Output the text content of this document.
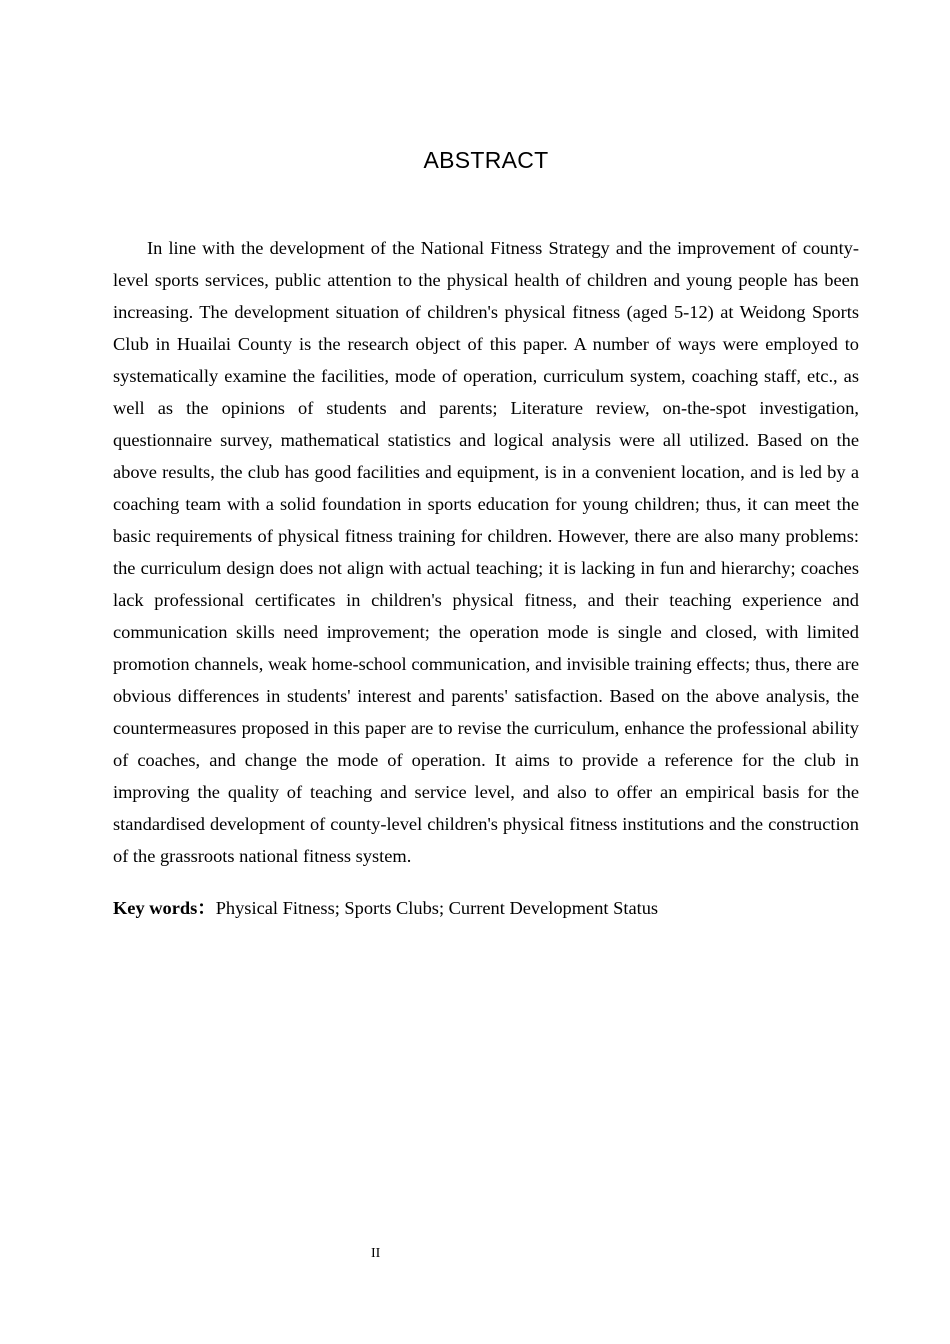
ABSTRACT

In line with the development of the National Fitness Strategy and the improvement of county-level sports services, public attention to the physical health of children and young people has been increasing. The development situation of children's physical fitness (aged 5-12) at Weidong Sports Club in Huailai County is the research object of this paper. A number of ways were employed to systematically examine the facilities, mode of operation, curriculum system, coaching staff, etc., as well as the opinions of students and parents; Literature review, on-the-spot investigation, questionnaire survey, mathematical statistics and logical analysis were all utilized. Based on the above results, the club has good facilities and equipment, is in a convenient location, and is led by a coaching team with a solid foundation in sports education for young children; thus, it can meet the basic requirements of physical fitness training for children. However, there are also many problems: the curriculum design does not align with actual teaching; it is lacking in fun and hierarchy; coaches lack professional certificates in children's physical fitness, and their teaching experience and communication skills need improvement; the operation mode is single and closed, with limited promotion channels, weak home-school communication, and invisible training effects; thus, there are obvious differences in students' interest and parents' satisfaction. Based on the above analysis, the countermeasures proposed in this paper are to revise the curriculum, enhance the professional ability of coaches, and change the mode of operation. It aims to provide a reference for the club in improving the quality of teaching and service level, and also to offer an empirical basis for the standardised development of county-level children's physical fitness institutions and the construction of the grassroots national fitness system.

Key words：Physical Fitness; Sports Clubs; Current Development Status

II
